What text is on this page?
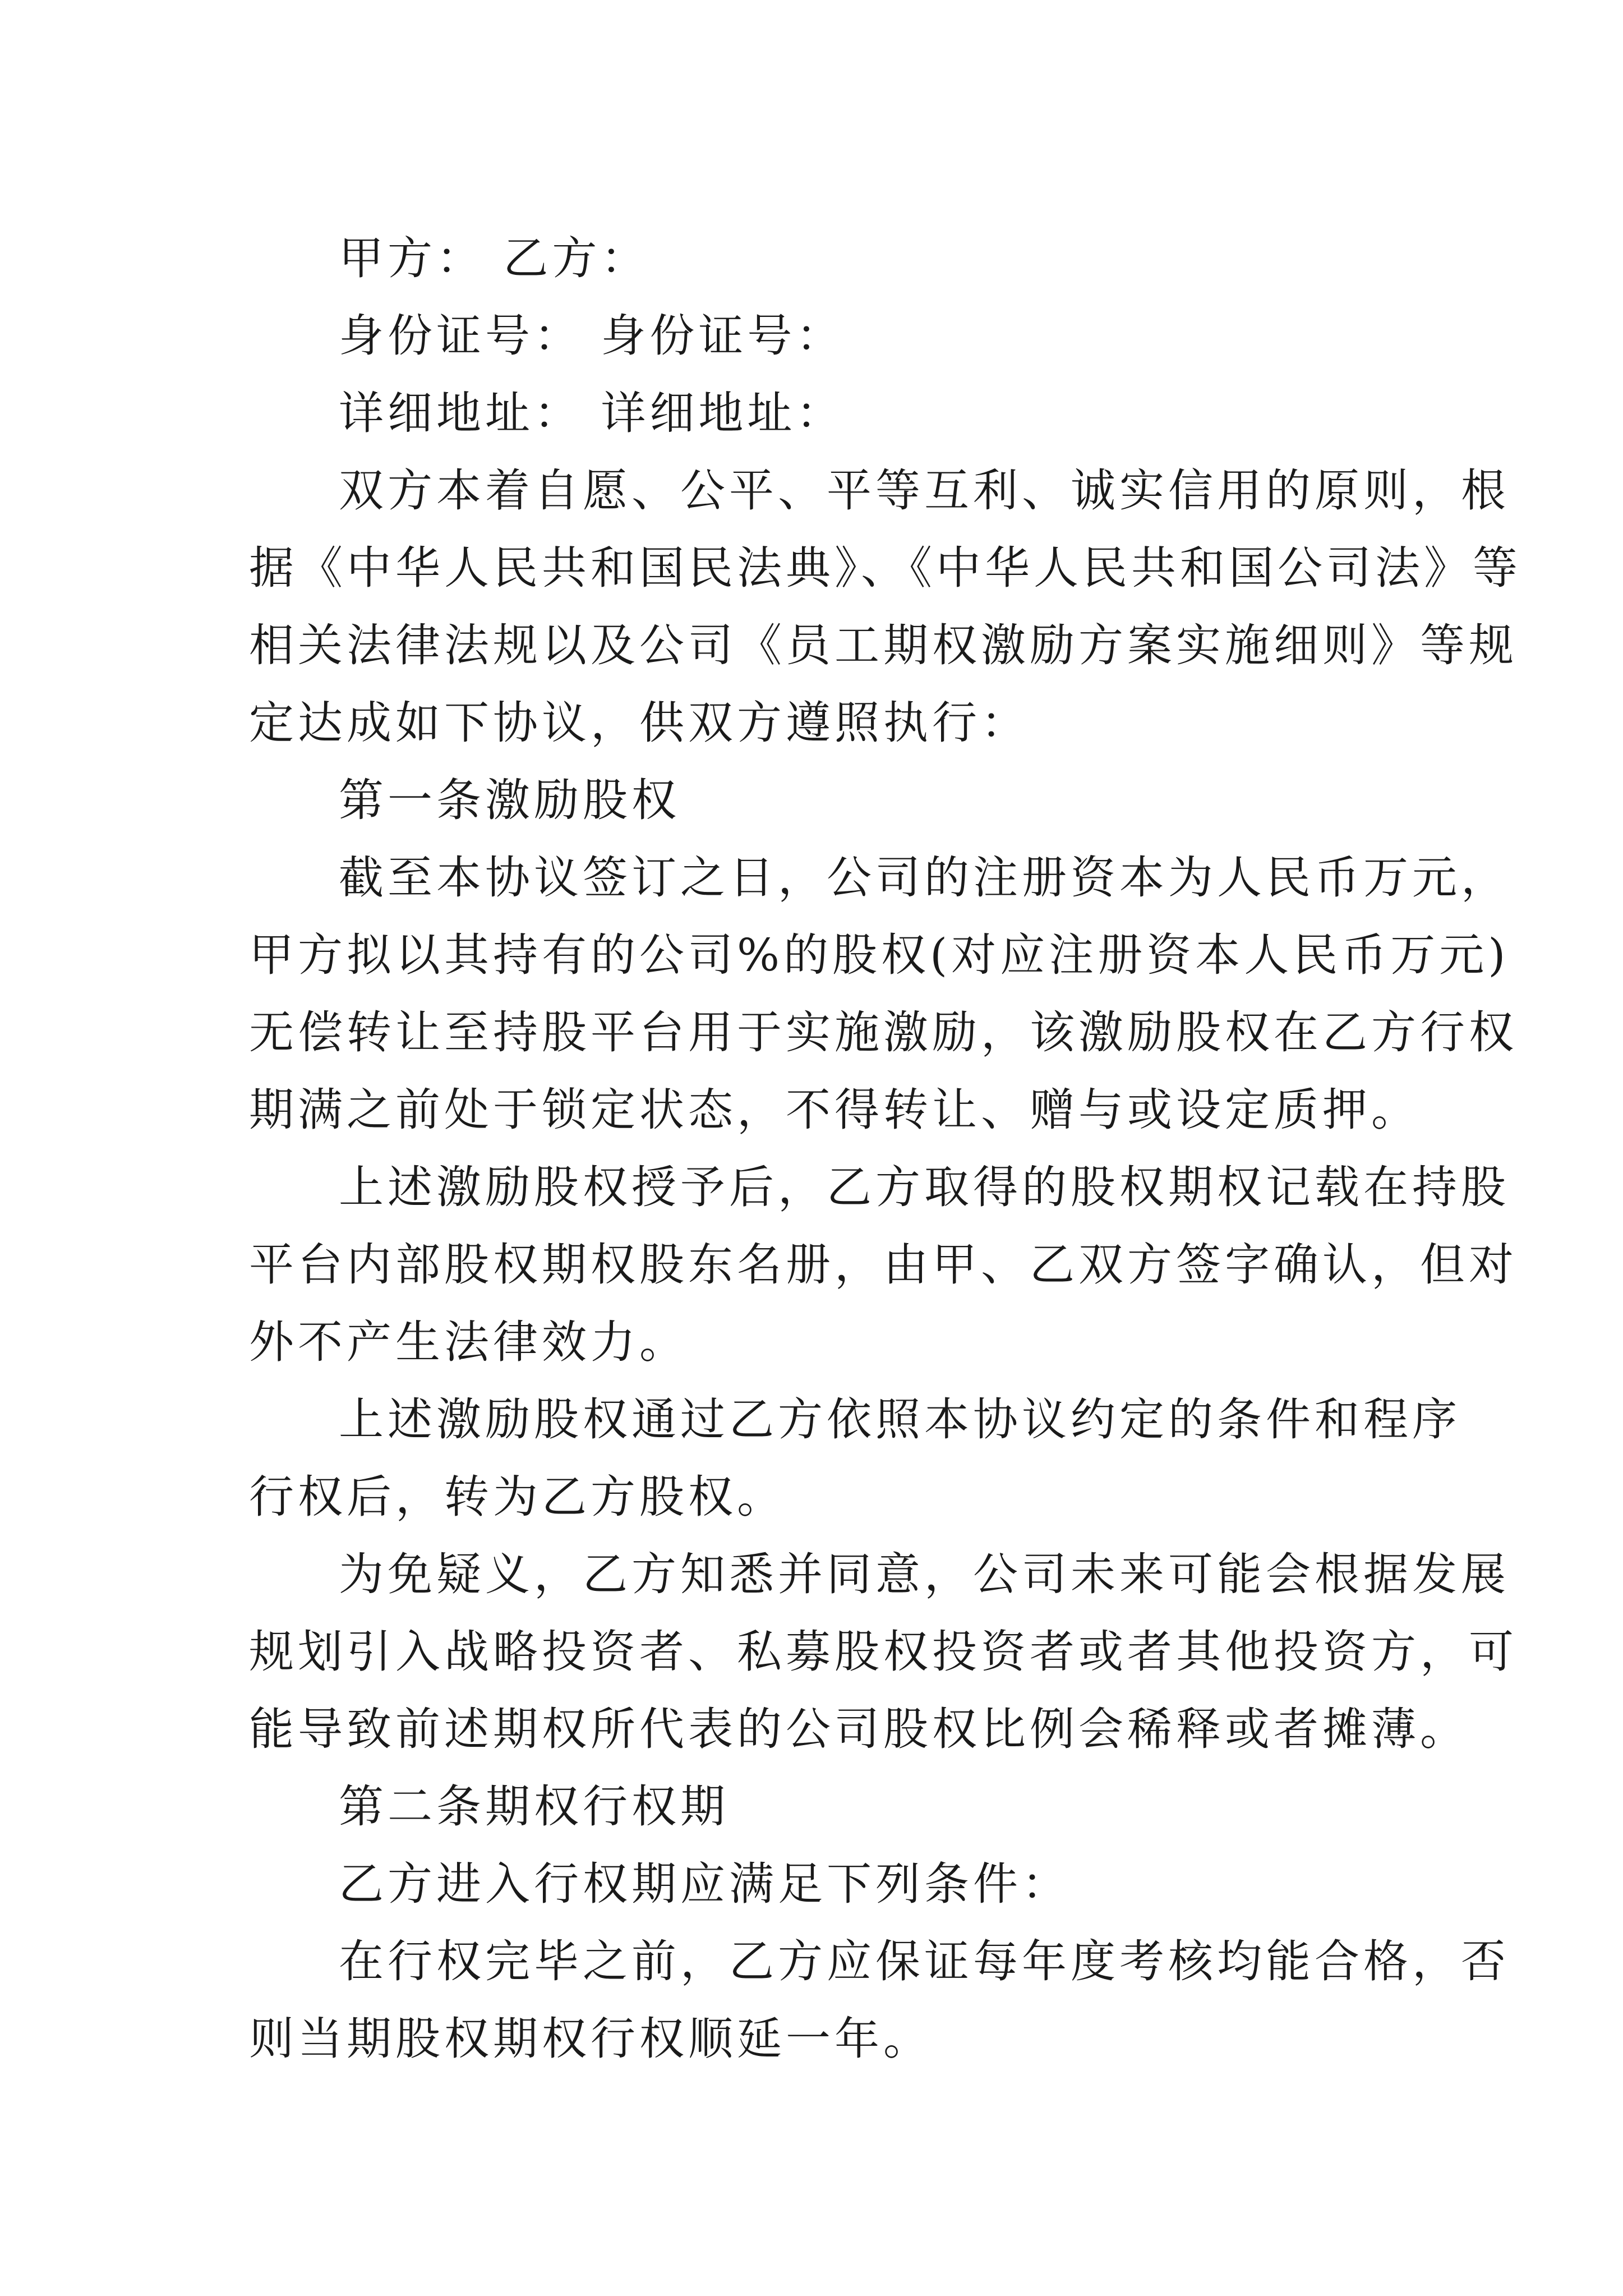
甲方： 乙方：
身份证号： 身份证号：
详细地址： 详细地址：
双方本着自愿、公平、平等互利、诚实信用的原则，根
据《中华人民共和国民法典》、《中华人民共和国公司法》等
相关法律法规以及公司《员工期权激励方案实施细则》等规
定达成如下协议，供双方遵照执行：
第一条激励股权
截至本协议签订之日，公司的注册资本为人民币万元，
甲方拟以其持有的公司%的股权(对应注册资本人民币万元)
无偿转让至持股平台用于实施激励，该激励股权在乙方行权
期满之前处于锁定状态，不得转让、赠与或设定质押。
上述激励股权授予后，乙方取得的股权期权记载在持股
平台内部股权期权股东名册，由甲、乙双方签字确认，但对
外不产生法律效力。
上述激励股权通过乙方依照本协议约定的条件和程序
行权后，转为乙方股权。
为免疑义，乙方知悉并同意，公司未来可能会根据发展
规划引入战略投资者、私募股权投资者或者其他投资方，可
能导致前述期权所代表的公司股权比例会稀释或者摊薄。
第二条期权行权期
乙方进入行权期应满足下列条件：
在行权完毕之前，乙方应保证每年度考核均能合格，否
则当期股权期权行权顺延一年。
